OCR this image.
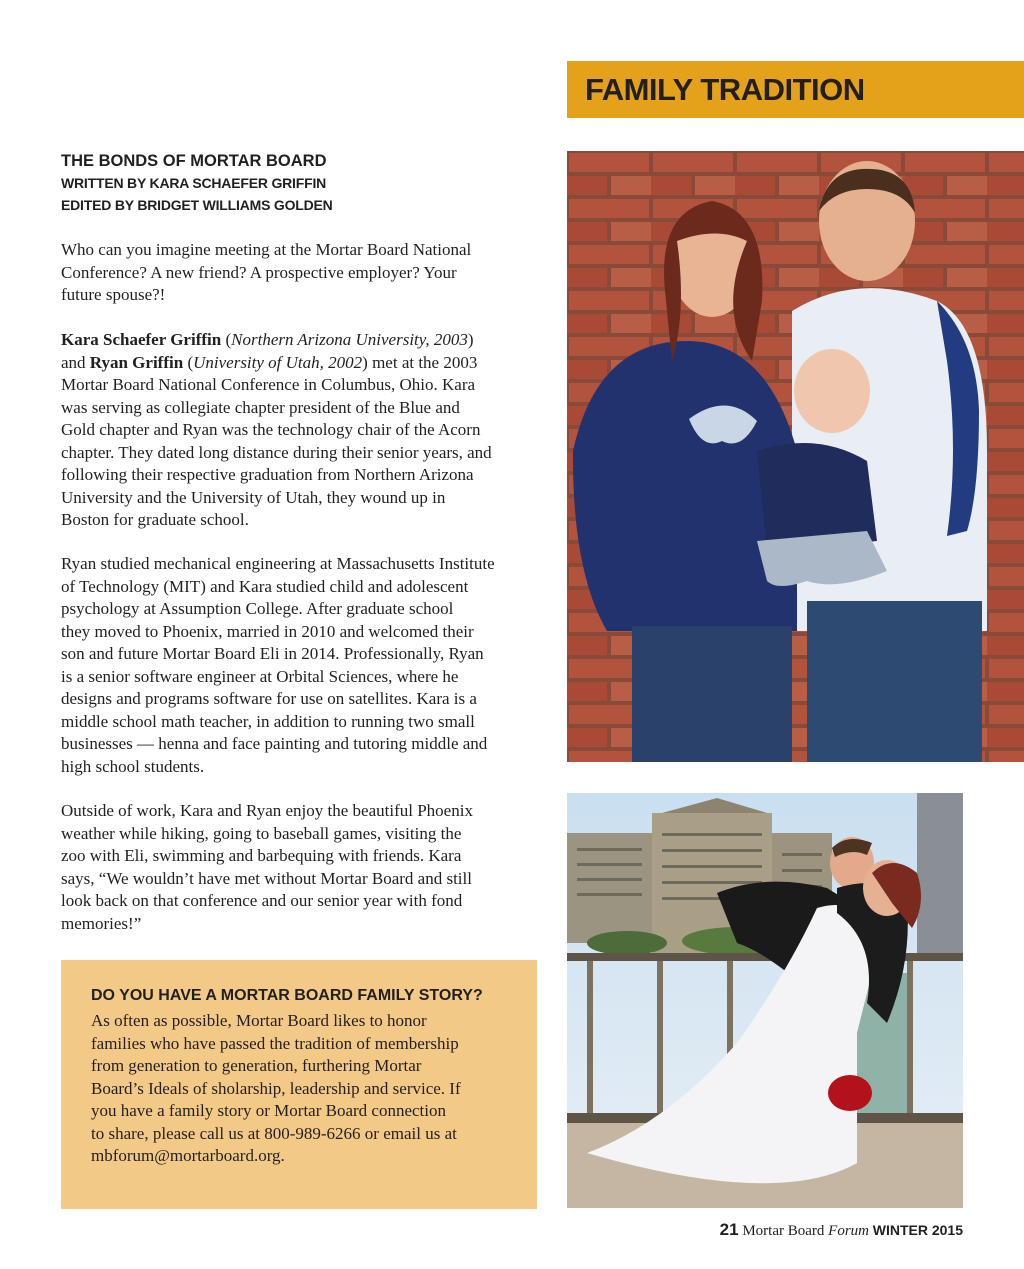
FAMILY TRADITION
THE BONDS OF MORTAR BOARD
WRITTEN BY KARA SCHAEFER GRIFFIN
EDITED BY BRIDGET WILLIAMS GOLDEN

Who can you imagine meeting at the Mortar Board National

Conference? A new friend? A prospective employer? Your

future spouse?!

Kara Schaefer Griffin (Northern Arizona University, 2003)

and Ryan Griffin (University of Utah, 2002) met at the 2003

Mortar Board National Conference in Columbus, Ohio. Kara

was serving as collegiate chapter president of the Blue and

Gold chapter and Ryan was the technology chair of the Acorn

chapter. They dated long distance during their senior years, and

following their respective graduation from Northern Arizona

University and the University of Utah, they wound up in

Boston for graduate school.

Ryan studied mechanical engineering at Massachusetts Institute

of Technology (MIT) and Kara studied child and adolescent

psychology at Assumption College. After graduate school

they moved to Phoenix, married in 2010 and welcomed their

son and future Mortar Board Eli in 2014. Professionally, Ryan

is a senior software engineer at Orbital Sciences, where he

designs and programs software for use on satellites. Kara is a

middle school math teacher, in addition to running two small

businesses — henna and face painting and tutoring middle and

high school students.

Outside of work, Kara and Ryan enjoy the beautiful Phoenix

weather while hiking, going to baseball games, visiting the

zoo with Eli, swimming and barbequing with friends. Kara

says, “We wouldn’t have met without Mortar Board and still

look back on that conference and our senior year with fond

memories!”

DO YOU HAVE A MORTAR BOARD FAMILY STORY?
As often as possible, Mortar Board likes to honor
families who have passed the tradition of membership
from generation to generation, furthering Mortar
Board’s Ideals of sholarship, leadership and service. If
you have a family story or Mortar Board connection
to share, please call us at 800-989-6266 or email us at
mbforum@mortarboard.org.
21 Mortar Board Forum WINTER 2015
